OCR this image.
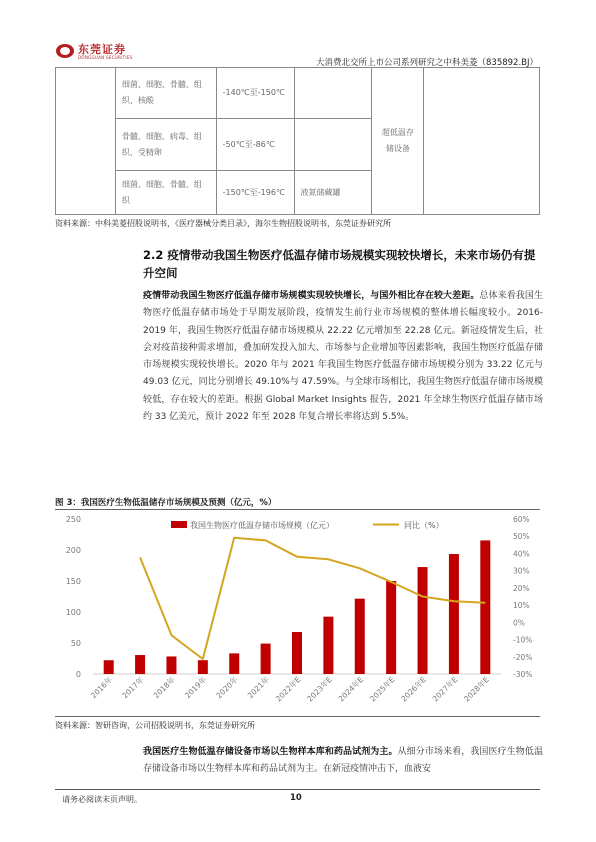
东莞证券
DONGGUAN SECURITIES
大消费北交所上市公司系列研究之中科美菱（835892.BJ）
	细菌、细胞、骨髓、组织、核酸	-140℃至-150℃		超低温存储设备	
	骨髓、细胞、病毒、组织、受精卵	-50℃至-86℃			
	细菌、细胞、骨髓、组织	-150℃至-196℃	液氮储藏罐		
资料来源：中科美菱招股说明书，《医疗器械分类目录》，海尔生物招股说明书，东莞证券研究所
2.2 疫情带动我国生物医疗低温存储市场规模实现较快增长，未来市场仍有提升空间
疫情带动我国生物医疗低温存储市场规模实现较快增长，与国外相比存在较大差距。总体来看我国生物医疗低温存储市场处于早期发展阶段，疫情发生前行业市场规模的整体增长幅度较小。2016-2019 年，我国生物医疗低温存储市场规模从 22.22 亿元增加至 22.28 亿元。新冠疫情发生后，社会对疫苗接种需求增加，叠加研发投入加大、市场参与企业增加等因素影响，我国生物医疗低温存储市场规模实现较快增长。2020 年与 2021 年我国生物医疗低温存储市场规模分别为 33.22 亿元与 49.03 亿元，同比分别增长 49.10%与 47.59%。与全球市场相比，我国生物医疗低温存储市场规模较低，存在较大的差距。根据 Global Market Insights 报告，2021 年全球生物医疗低温存储市场约 33 亿美元，预计 2022 年至 2028 年复合增长率将达到 5.5%。
图 3：我国医疗生物低温储存市场规模及预测（亿元，%）
我国生物医疗低温存储市场规模（亿元）	同比（%）
0
50
100
150
200
250
-30%
-20%
-10%
0%
10%
20%
30%
40%
50%
60%
2016年 2017年 2018年 2019年 2020年 2021年 2022年E 2023年E 2024年E 2025年E 2026年E 2027年E 2028年E
资料来源：智研咨询，公司招股说明书，东莞证券研究所
我国医疗生物低温存储设备市场以生物样本库和药品试剂为主。从细分市场来看，我国医疗生物低温存储设备市场以生物样本库和药品试剂为主。在新冠疫情冲击下，血液安
请务必阅读末页声明。	10
